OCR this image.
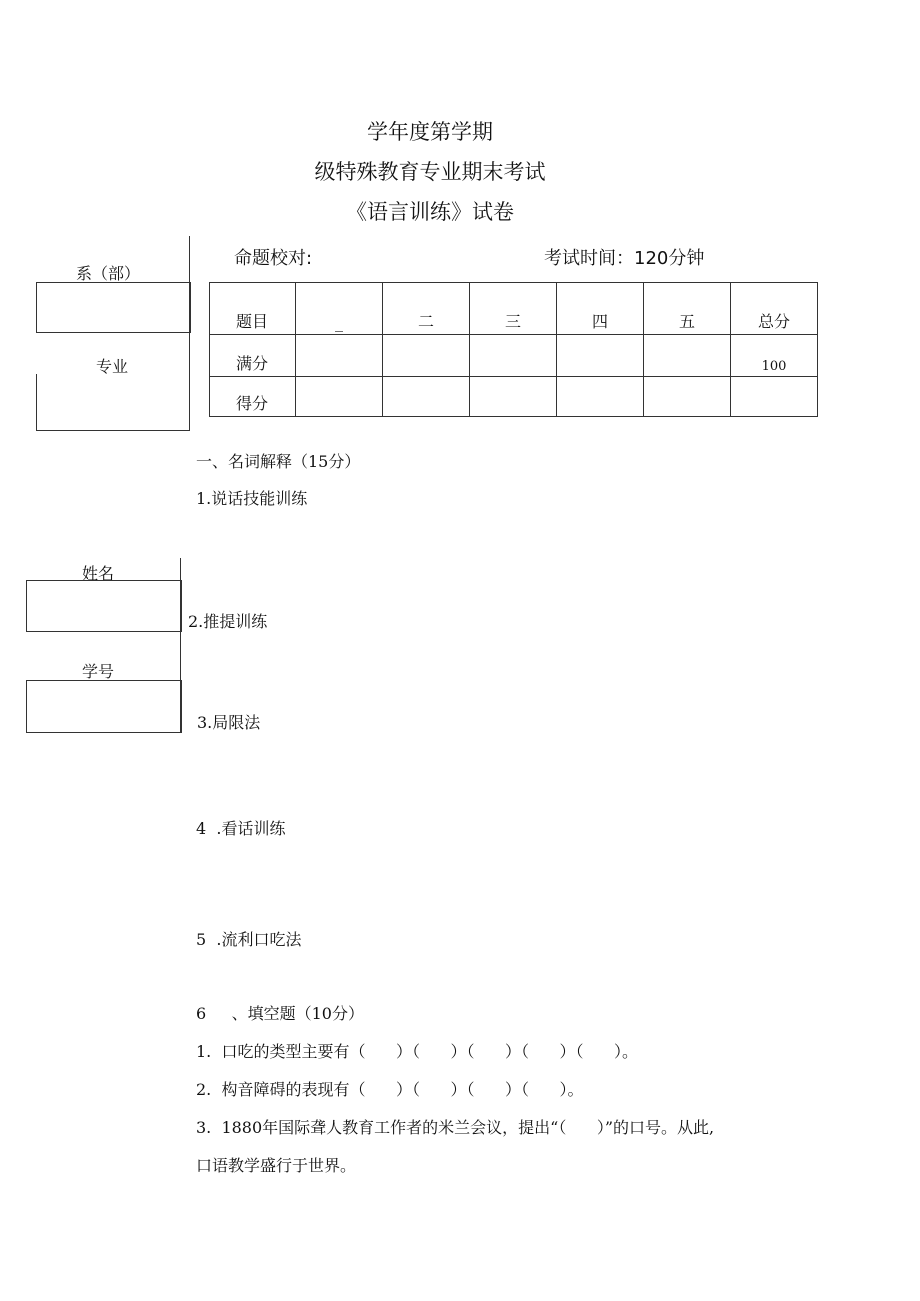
学年度第学期
级特殊教育专业期末考试
《语言训练》试卷
命题校对:	考试时间：120分钟
系（部）
专业
题目	_	二	三	四	五	总分
满分						100
得分						
一、名词解释（15分）
1.说话技能训练
姓名
学号
2.推提训练
3.局限法
4  .看话训练
5  .流利口吃法
6     、填空题（10分）
1.  口吃的类型主要有（      ）（      ）（      ）（      ）（      ）。
2.  构音障碍的表现有（      ）（      ）（      ）（      ）。
3.  1880年国际聋人教育工作者的米兰会议，提出“（      ）”的口号。从此,
口语教学盛行于世界。
